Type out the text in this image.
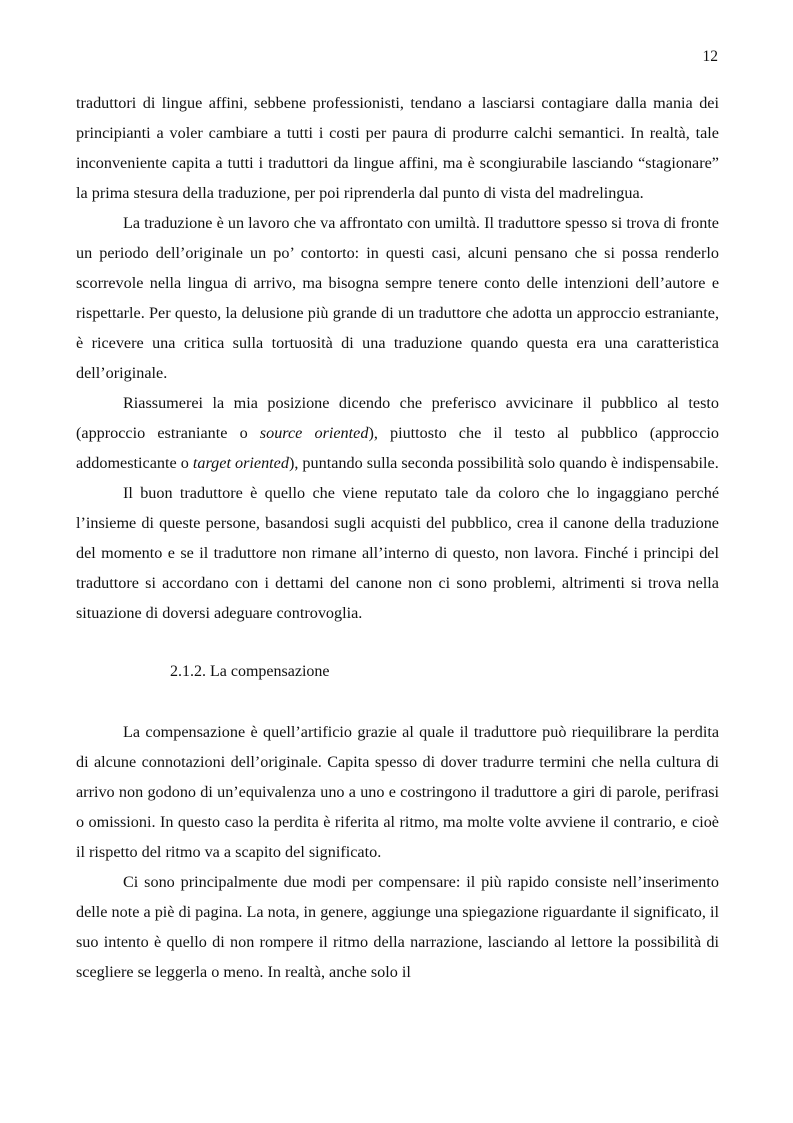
12

traduttori di lingue affini, sebbene professionisti, tendano a lasciarsi contagiare dalla mania dei principianti a voler cambiare a tutti i costi per paura di produrre calchi semantici. In realtà, tale inconveniente capita a tutti i traduttori da lingue affini, ma è scongiurabile lasciando “stagionare” la prima stesura della traduzione, per poi riprenderla dal punto di vista del madrelingua.

La traduzione è un lavoro che va affrontato con umiltà. Il traduttore spesso si trova di fronte un periodo dell’originale un po’ contorto: in questi casi, alcuni pensano che si possa renderlo scorrevole nella lingua di arrivo, ma bisogna sempre tenere conto delle intenzioni dell’autore e rispettarle. Per questo, la delusione più grande di un traduttore che adotta un approccio estraniante, è ricevere una critica sulla tortuosità di una traduzione quando questa era una caratteristica dell’originale.

Riassumerei la mia posizione dicendo che preferisco avvicinare il pubblico al testo (approccio estraniante o source oriented), piuttosto che il testo al pubblico (approccio addomesticante o target oriented), puntando sulla seconda possibilità solo quando è indispensabile.

Il buon traduttore è quello che viene reputato tale da coloro che lo ingaggiano perché l’insieme di queste persone, basandosi sugli acquisti del pubblico, crea il canone della traduzione del momento e se il traduttore non rimane all’interno di questo, non lavora. Finché i principi del traduttore si accordano con i dettami del canone non ci sono problemi, altrimenti si trova nella situazione di doversi adeguare controvoglia.

2.1.2. La compensazione

La compensazione è quell’artificio grazie al quale il traduttore può riequilibrare la perdita di alcune connotazioni dell’originale. Capita spesso di dover tradurre termini che nella cultura di arrivo non godono di un’equivalenza uno a uno e costringono il traduttore a giri di parole, perifrasi o omissioni. In questo caso la perdita è riferita al ritmo, ma molte volte avviene il contrario, e cioè il rispetto del ritmo va a scapito del significato.

Ci sono principalmente due modi per compensare: il più rapido consiste nell’inserimento delle note a piè di pagina. La nota, in genere, aggiunge una spiegazione riguardante il significato, il suo intento è quello di non rompere il ritmo della narrazione, lasciando al lettore la possibilità di scegliere se leggerla o meno. In realtà, anche solo il
